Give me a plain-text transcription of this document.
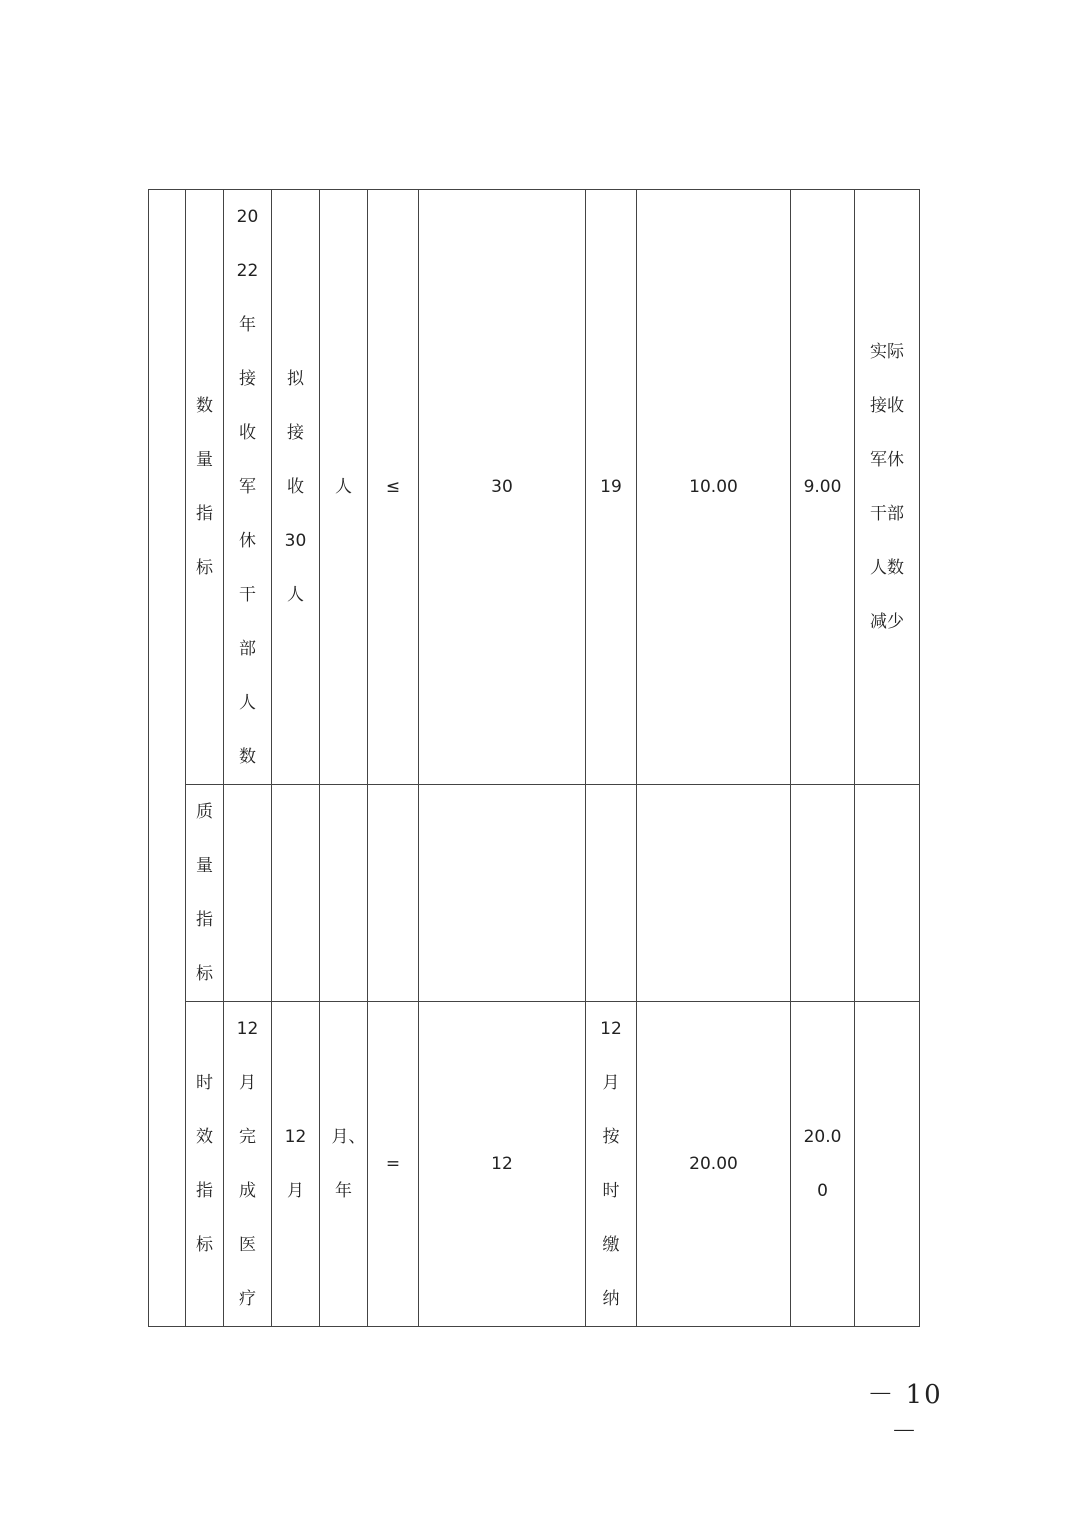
	数量指标	2022年接收军休干部人数	拟接收30人	人	≤	30	19	10.00	9.00	实际接收军休干部人数减少

	质量指标									

	时效指标	12月完成医疗	12月	月、年	=	12	12月按时缴纳	20.00	20.00	

－ 10 －
